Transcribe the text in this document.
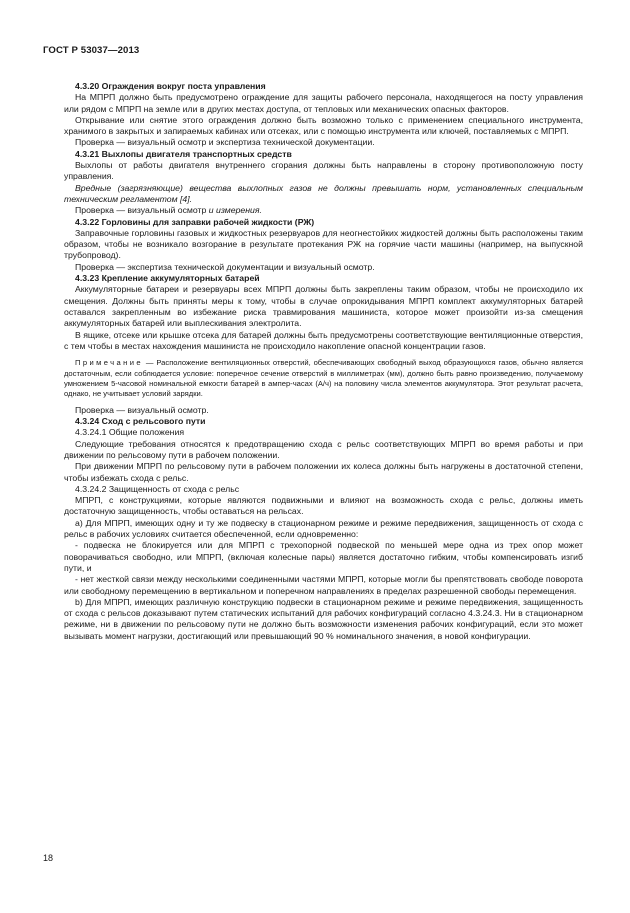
ГОСТ Р 53037—2013

4.3.20 Ограждения вокруг поста управления

На МПРП должно быть предусмотрено ограждение для защиты рабочего персонала, находящегося на посту управления или рядом с МПРП на земле или в других местах доступа, от тепловых или механических опасных факторов.

Открывание или снятие этого ограждения должно быть возможно только с применением специального инструмента, хранимого в закрытых и запираемых кабинах или отсеках, или с помощью инструмента или ключей, поставляемых с МПРП.

Проверка — визуальный осмотр и экспертиза технической документации.

4.3.21 Выхлопы двигателя транспортных средств

Выхлопы от работы двигателя внутреннего сгорания должны быть направлены в сторону противоположную посту управления.

Вредные (загрязняющие) вещества выхлопных газов не должны превышать норм, установленных специальным техническим регламентом [4].

Проверка — визуальный осмотр и измерения.

4.3.22 Горловины для заправки рабочей жидкости (РЖ)

Заправочные горловины газовых и жидкостных резервуаров для неогнестойких жидкостей должны быть расположены таким образом, чтобы не возникало возгорание в результате протекания РЖ на горячие части машины (например, на выпускной трубопровод).

Проверка — экспертиза технической документации и визуальный осмотр.

4.3.23 Крепление аккумуляторных батарей

Аккумуляторные батареи и резервуары всех МПРП должны быть закреплены таким образом, чтобы не происходило их смещения. Должны быть приняты меры к тому, чтобы в случае опрокидывания МПРП комплект аккумуляторных батарей оставался закрепленным во избежание риска травмирования машиниста, которое может произойти из-за смещения аккумуляторных батарей или выплескивания электролита.

В ящике, отсеке или крышке отсека для батарей должны быть предусмотрены соответствующие вентиляционные отверстия, с тем чтобы в местах нахождения машиниста не происходило накопление опасной концентрации газов.

Примечание — Расположение вентиляционных отверстий, обеспечивающих свободный выход образующихся газов, обычно является достаточным, если соблюдается условие: поперечное сечение отверстий в миллиметрах (мм), должно быть равно произведению, получаемому умножением 5-часовой номинальной емкости батарей в ампер-часах (А/ч) на половину числа элементов аккумулятора. Этот результат расчета, однако, не учитывает условий зарядки.

Проверка — визуальный осмотр.

4.3.24 Сход с рельсового пути

4.3.24.1 Общие положения

Следующие требования относятся к предотвращению схода с рельс соответствующих МПРП во время работы и при движении по рельсовому пути в рабочем положении.

При движении МПРП по рельсовому пути в рабочем положении их колеса должны быть нагружены в достаточной степени, чтобы избежать схода с рельс.

4.3.24.2 Защищенность от схода с рельс

МПРП, с конструкциями, которые являются подвижными и влияют на возможность схода с рельс, должны иметь достаточную защищенность, чтобы оставаться на рельсах.

а) Для МПРП, имеющих одну и ту же подвеску в стационарном режиме и режиме передвижения, защищенность от схода с рельс в рабочих условиях считается обеспеченной, если одновременно:

- подвеска не блокируется или для МПРП с трехопорной подвеской по меньшей мере одна из трех опор может поворачиваться свободно, или МПРП, (включая колесные пары) является достаточно гибким, чтобы компенсировать изгиб пути, и

- нет жесткой связи между несколькими соединенными частями МПРП, которые могли бы препятствовать свободе поворота или свободному перемещению в вертикальном и поперечном направлениях в пределах разрешенной свободы перемещения.

b) Для МПРП, имеющих различную конструкцию подвески в стационарном режиме и режиме передвижения, защищенность от схода с рельсов доказывают путем статических испытаний для рабочих конфигураций согласно 4.3.24.3. Ни в стационарном режиме, ни в движении по рельсовому пути не должно быть возможности изменения рабочих конфигураций, если это может вызывать момент нагрузки, достигающий или превышающий 90 % номинального значения, в новой конфигурации.

18
